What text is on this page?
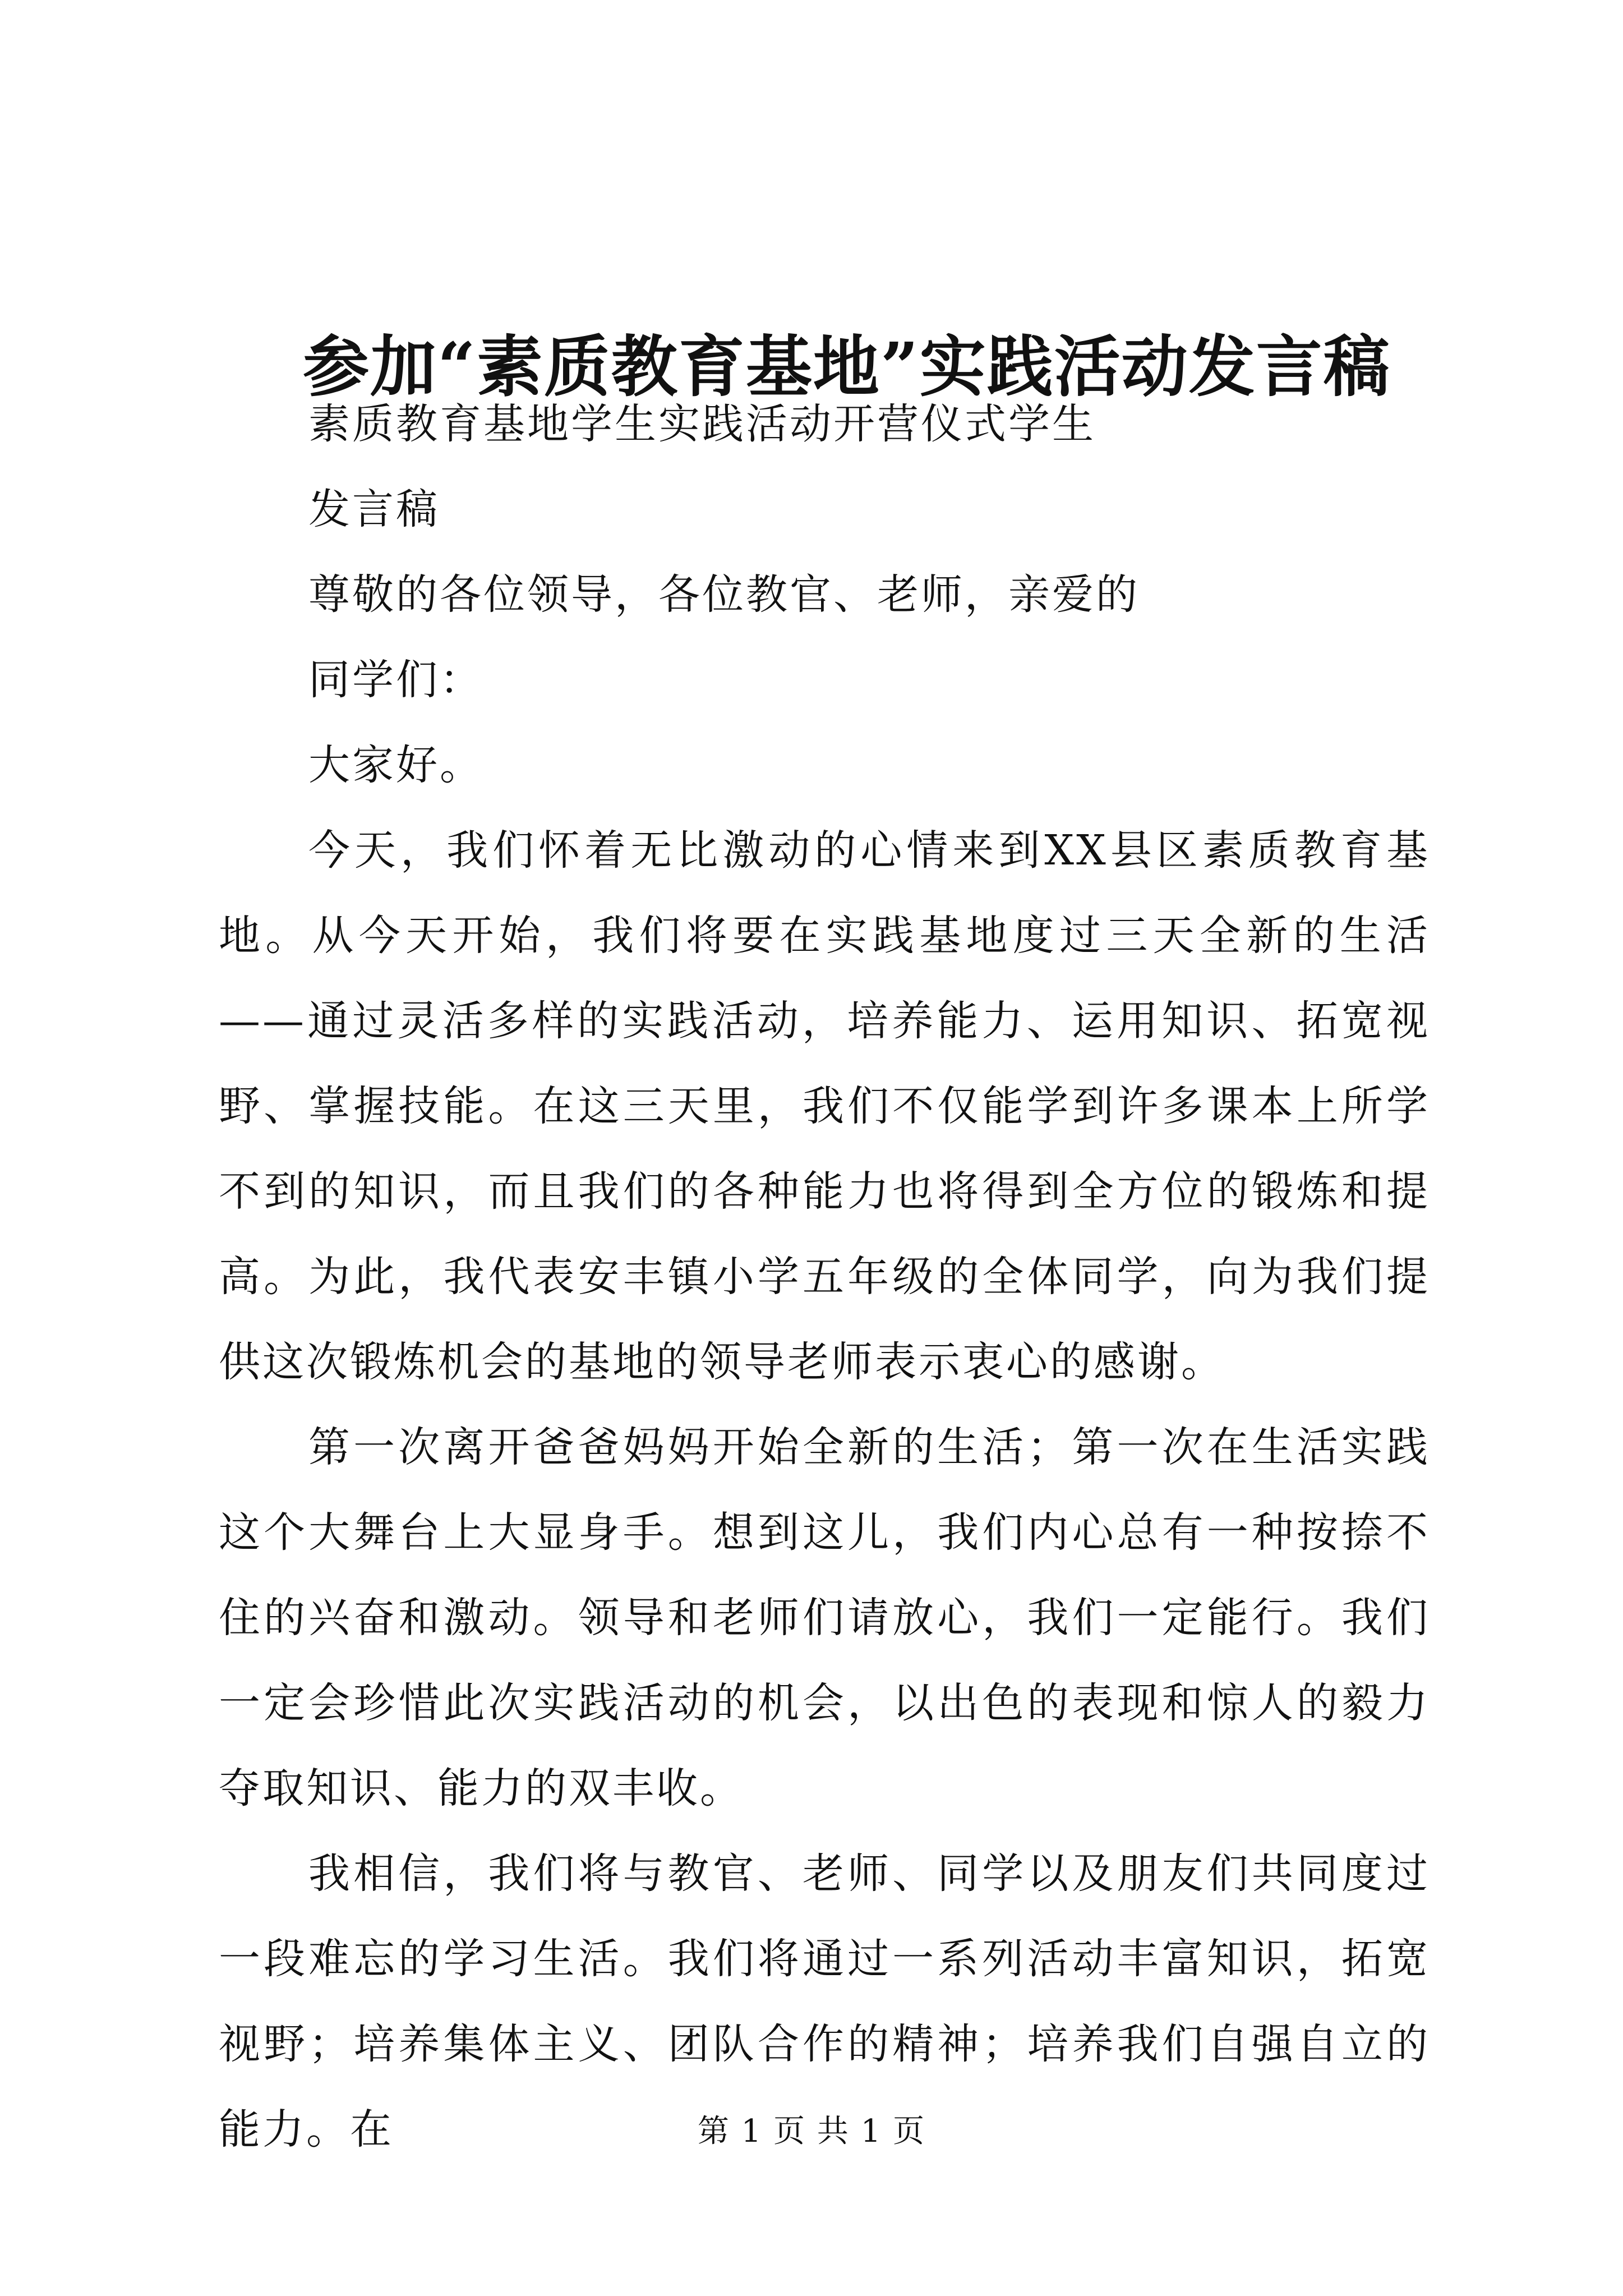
参加“素质教育基地”实践活动发言稿

素质教育基地学生实践活动开营仪式学生

发言稿

尊敬的各位领导，各位教官、老师，亲爱的

同学们：

大家好。

今天，我们怀着无比激动的心情来到XX县区素质教育基地。从今天开始，我们将要在实践基地度过三天全新的生活——通过灵活多样的实践活动，培养能力、运用知识、拓宽视野、掌握技能。在这三天里，我们不仅能学到许多课本上所学不到的知识，而且我们的各种能力也将得到全方位的锻炼和提高。为此，我代表安丰镇小学五年级的全体同学，向为我们提供这次锻炼机会的基地的领导老师表示衷心的感谢。

第一次离开爸爸妈妈开始全新的生活；第一次在生活实践这个大舞台上大显身手。想到这儿，我们内心总有一种按捺不住的兴奋和激动。领导和老师们请放心，我们一定能行。我们一定会珍惜此次实践活动的机会，以出色的表现和惊人的毅力夺取知识、能力的双丰收。

我相信，我们将与教官、老师、同学以及朋友们共同度过一段难忘的学习生活。我们将通过一系列活动丰富知识，拓宽视野；培养集体主义、团队合作的精神；培养我们自强自立的能力。在	第 1 页 共 1 页
